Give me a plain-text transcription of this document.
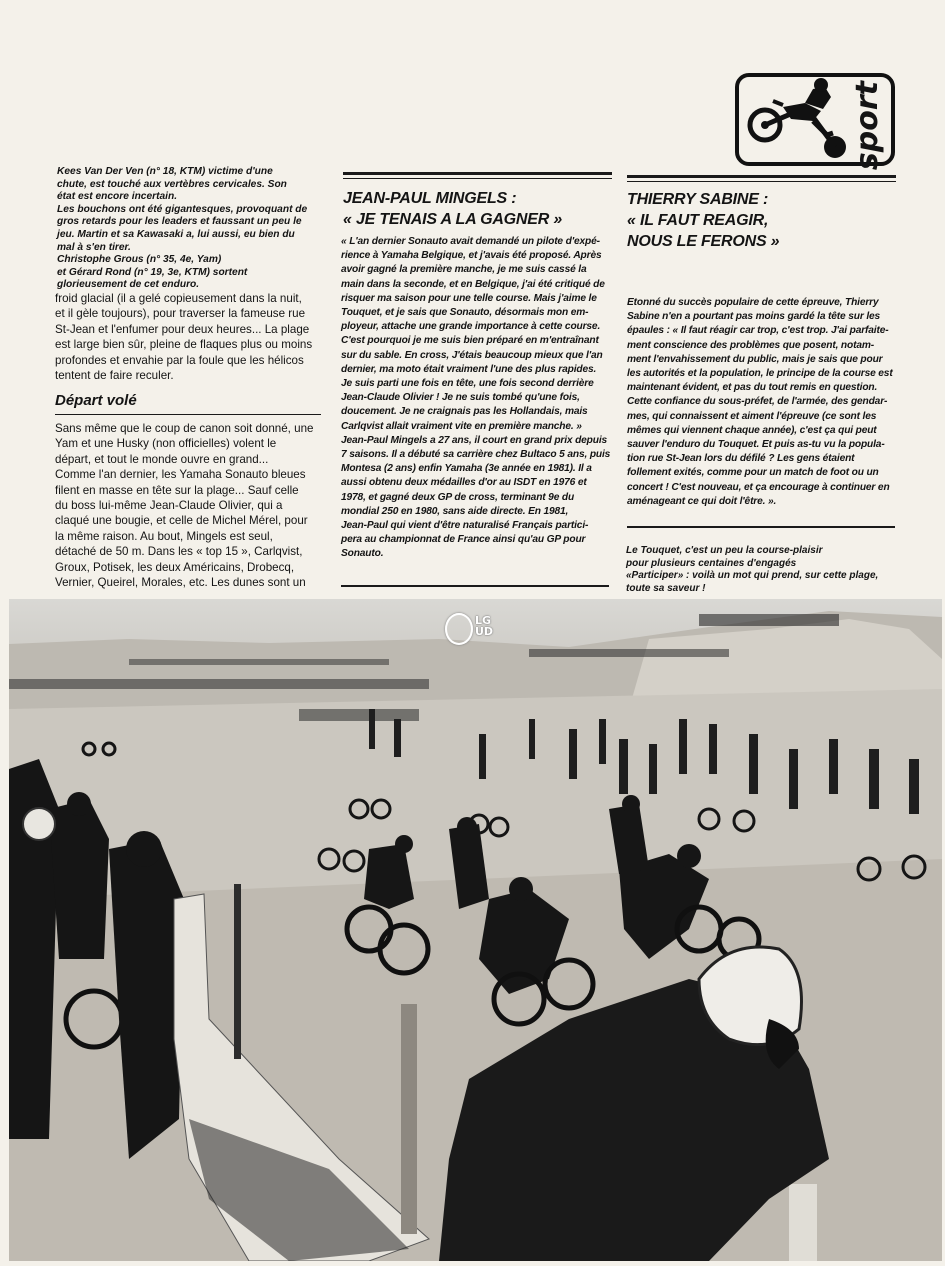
sport
Kees Van Der Ven (n° 18, KTM) victime d'une
chute, est touché aux vertèbres cervicales. Son
état est encore incertain.
Les bouchons ont été gigantesques, provoquant de
gros retards pour les leaders et faussant un peu le
jeu. Martin et sa Kawasaki a, lui aussi, eu bien du
mal à s'en tirer.
Christophe Grous (n° 35, 4e, Yam)
et Gérard Rond (n° 19, 3e, KTM) sortent
glorieusement de cet enduro.
froid glacial (il a gelé copieusement dans la nuit,
et il gèle toujours), pour traverser la fameuse rue
St-Jean et l'enfumer pour deux heures... La plage
est large bien sûr, pleine de flaques plus ou moins
profondes et envahie par la foule que les hélicos
tentent de faire reculer.
Départ volé
Sans même que le coup de canon soit donné, une
Yam et une Husky (non officielles) volent le
départ, et tout le monde ouvre en grand...
Comme l'an dernier, les Yamaha Sonauto bleues
filent en masse en tête sur la plage... Sauf celle
du boss lui-même Jean-Claude Olivier, qui a
claqué une bougie, et celle de Michel Mérel, pour
la même raison. Au bout, Mingels est seul,
détaché de 50 m. Dans les « top 15 », Carlqvist,
Groux, Potisek, les deux Américains, Drobecq,
Vernier, Queirel, Morales, etc. Les dunes sont un
JEAN-PAUL MINGELS :
« JE TENAIS A LA GAGNER »
« L'an dernier Sonauto avait demandé un pilote d'expé-
rience à Yamaha Belgique, et j'avais été proposé. Après
avoir gagné la première manche, je me suis cassé la
main dans la seconde, et en Belgique, j'ai été critiqué de
risquer ma saison pour une telle course. Mais j'aime le
Touquet, et je sais que Sonauto, désormais mon em-
ployeur, attache une grande importance à cette course.
C'est pourquoi je me suis bien préparé en m'entraînant
sur du sable. En cross, J'étais beaucoup mieux que l'an
dernier, ma moto était vraiment l'une des plus rapides.
Je suis parti une fois en tête, une fois second derrière
Jean-Claude Olivier ! Je ne suis tombé qu'une fois,
doucement. Je ne craignais pas les Hollandais, mais
Carlqvist allait vraiment vite en première manche. »
Jean-Paul Mingels a 27 ans, il court en grand prix depuis
7 saisons. Il a débuté sa carrière chez Bultaco 5 ans, puis
Montesa (2 ans) enfin Yamaha (3e année en 1981). Il a
aussi obtenu deux médailles d'or au ISDT en 1976 et
1978, et gagné deux GP de cross, terminant 9e du
mondial 250 en 1980, sans aide directe. En 1981,
Jean-Paul qui vient d'être naturalisé Français partici-
pera au championnat de France ainsi qu'au GP pour
Sonauto.
THIERRY SABINE :
« IL FAUT REAGIR,
NOUS LE FERONS »
Etonné du succès populaire de cette épreuve, Thierry
Sabine n'en a pourtant pas moins gardé la tête sur les
épaules : « Il faut réagir car trop, c'est trop. J'ai parfaite-
ment conscience des problèmes que posent, notam-
ment l'envahissement du public, mais je sais que pour
les autorités et la population, le principe de la course est
maintenant évident, et pas du tout remis en question.
Cette confiance du sous-préfet, de l'armée, des gendar-
mes, qui connaissent et aiment l'épreuve (ce sont les
mêmes qui viennent chaque année), c'est ça qui peut
sauver l'enduro du Touquet. Et puis as-tu vu la popula-
tion rue St-Jean lors du défilé ? Les gens étaient
follement exités, comme pour un match de foot ou un
concert ! C'est nouveau, et ça encourage à continuer en
aménageant ce qui doit l'être. ».
Le Touquet, c'est un peu la course-plaisir
pour plusieurs centaines d'engagés
«Participer» : voilà un mot qui prend, sur cette plage,
toute sa saveur !
LG
UD
